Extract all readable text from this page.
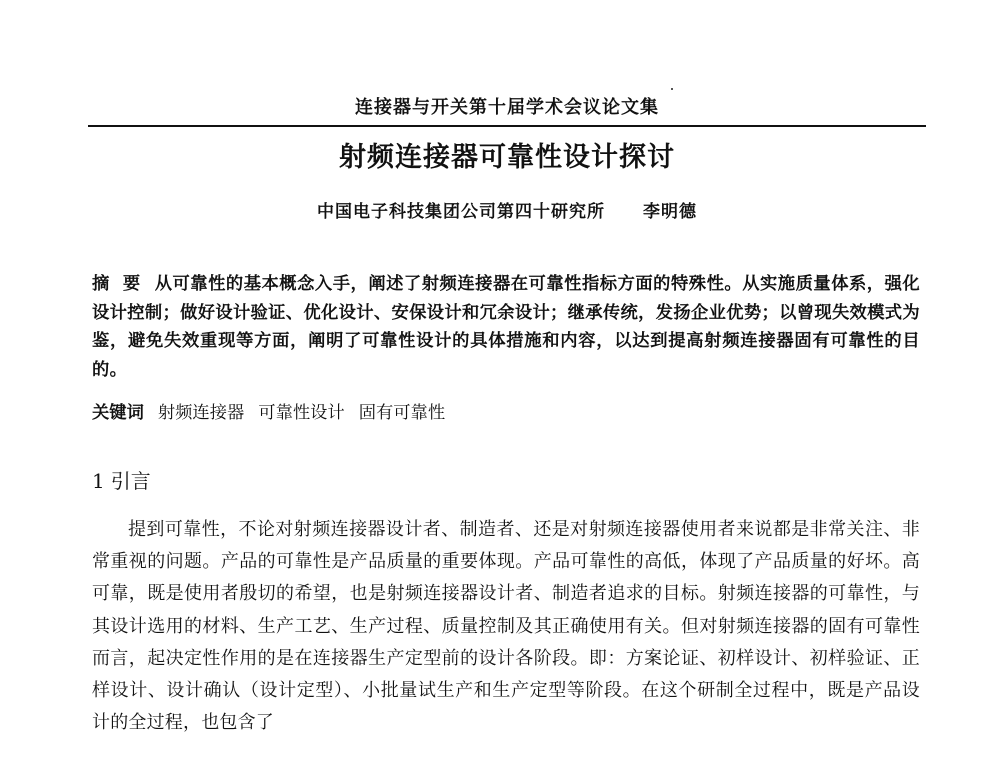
连接器与开关第十届学术会议论文集
射频连接器可靠性设计探讨
中国电子科技集团公司第四十研究所 李明德
摘  要 从可靠性的基本概念入手，阐述了射频连接器在可靠性指标方面的特殊性。从实施质量体系，强化设计控制；做好设计验证、优化设计、安保设计和冗余设计；继承传统，发扬企业优势；以曾现失效模式为鉴，避免失效重现等方面，阐明了可靠性设计的具体措施和内容，以达到提高射频连接器固有可靠性的目的。
关键词 射频连接器 可靠性设计 固有可靠性
1 引言

提到可靠性，不论对射频连接器设计者、制造者、还是对射频连接器使用者来说都是非常关注、非常重视的问题。产品的可靠性是产品质量的重要体现。产品可靠性的高低，体现了产品质量的好坏。高可靠，既是使用者殷切的希望，也是射频连接器设计者、制造者追求的目标。射频连接器的可靠性，与其设计选用的材料、生产工艺、生产过程、质量控制及其正确使用有关。但对射频连接器的固有可靠性而言，起决定性作用的是在连接器生产定型前的设计各阶段。即：方案论证、初样设计、初样验证、正样设计、设计确认（设计定型）、小批量试生产和生产定型等阶段。在这个研制全过程中，既是产品设计的全过程，也包含了
